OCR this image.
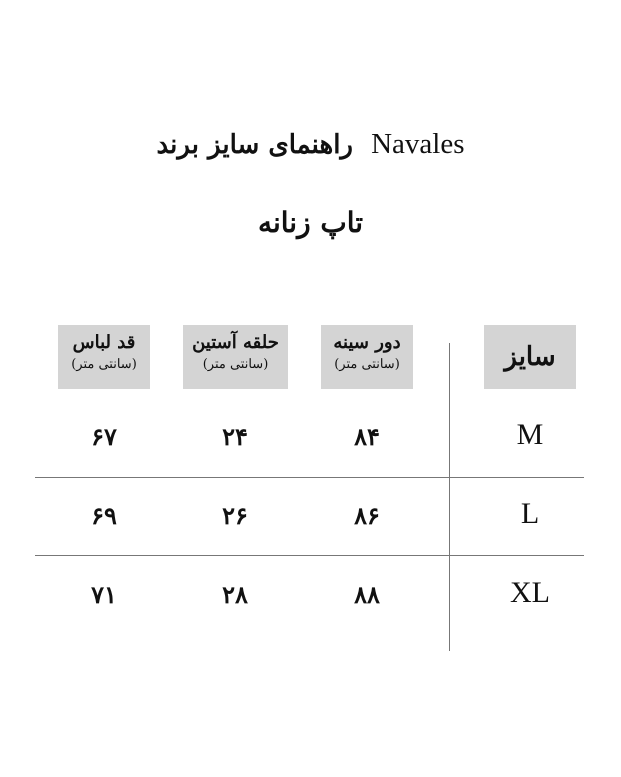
راهنمای سایز برند Navales
تاپ زنانه
سایز
دور سینه
(سانتی متر)
حلقه آستین
(سانتی متر)
قد لباس
(سانتی متر)
M
۸۴
۲۴
۶۷
L
۸۶
۲۶
۶۹
XL
۸۸
۲۸
۷۱
